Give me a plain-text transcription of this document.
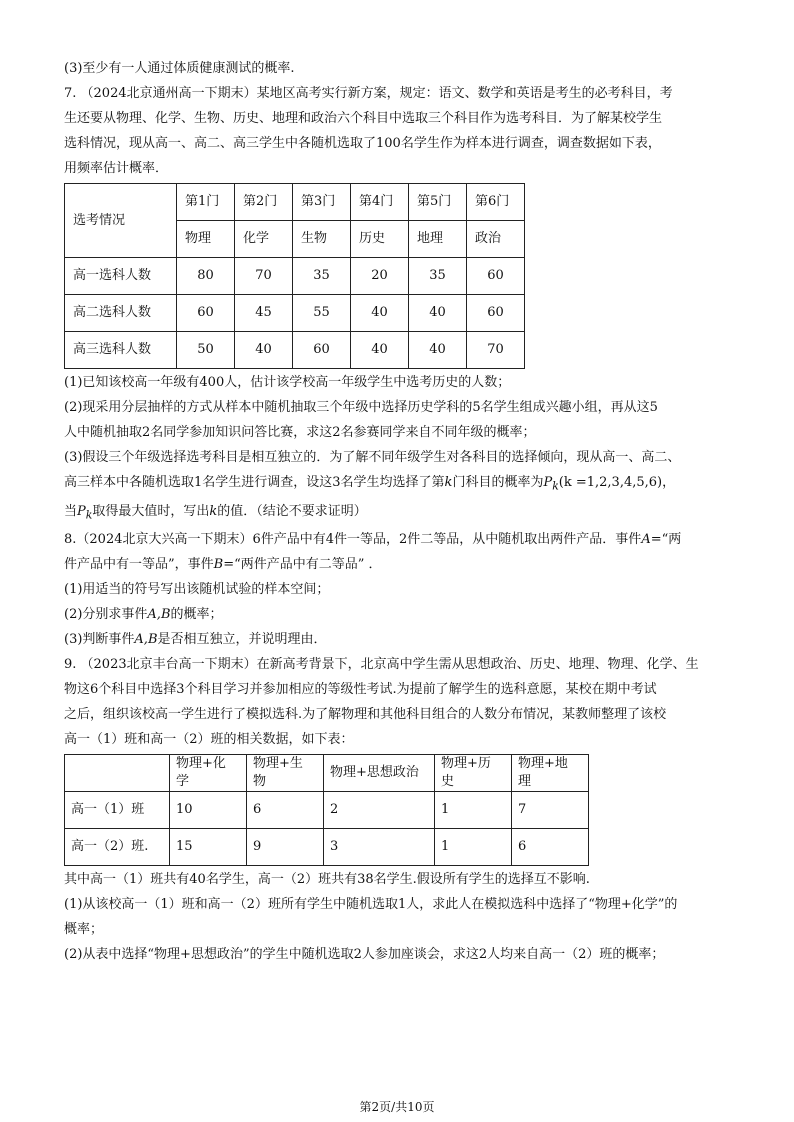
(3)至少有一人通过体质健康测试的概率.

7. （2024北京通州高一下期末）某地区高考实行新方案，规定：语文、数学和英语是考生的必考科目，考

生还要从物理、化学、生物、历史、地理和政治六个科目中选取三个科目作为选考科目．为了解某校学生

选科情况，现从高一、高二、高三学生中各随机选取了100名学生作为样本进行调查，调查数据如下表，

用频率估计概率．

选考情况	第1门	第2门	第3门	第4门	第5门	第6门
	物理	化学	生物	历史	地理	政治
高一选科人数	80	70	35	20	35	60
高二选科人数	60	45	55	40	40	60
高三选科人数	50	40	60	40	40	70

(1)已知该校高一年级有400人，估计该学校高一年级学生中选考历史的人数；

(2)现采用分层抽样的方式从样本中随机抽取三个年级中选择历史学科的5名学生组成兴趣小组，再从这5

人中随机抽取2名同学参加知识问答比赛，求这2名参赛同学来自不同年级的概率；

(3)假设三个年级选择选考科目是相互独立的．为了解不同年级学生对各科目的选择倾向，现从高一、高二、

高三样本中各随机选取1名学生进行调查，设这3名学生均选择了第k门科目的概率为$P_k(k =1,2,3,4,5,6)$，

当$P_k$取得最大值时，写出k的值．（结论不要求证明）

8.（2024北京大兴高一下期末）6件产品中有4件一等品，2件二等品，从中随机取出两件产品．事件A=“两

件产品中有一等品”，事件B=“两件产品中有二等品” ．

(1)用适当的符号写出该随机试验的样本空间；

(2)分别求事件A,B的概率；

(3)判断事件A,B是否相互独立，并说明理由．

9. （2023北京丰台高一下期末）在新高考背景下，北京高中学生需从思想政治、历史、地理、物理、化学、生

物这6个科目中选择3个科目学习并参加相应的等级性考试.为提前了解学生的选科意愿，某校在期中考试

之后，组织该校高一学生进行了模拟选科.为了解物理和其他科目组合的人数分布情况，某教师整理了该校

高一（1）班和高一（2）班的相关数据，如下表：

	物理+化学	物理+生物	物理+思想政治	物理+历史	物理+地理
高一（1）班	10	6	2	1	7
高一（2）班.	15	9	3	1	6

其中高一（1）班共有40名学生，高一（2）班共有38名学生.假设所有学生的选择互不影响.

(1)从该校高一（1）班和高一（2）班所有学生中随机选取1人，求此人在模拟选科中选择了“物理+化学”的

概率；

(2)从表中选择“物理+思想政治”的学生中随机选取2人参加座谈会，求这2人均来自高一（2）班的概率；

第2页/共10页
